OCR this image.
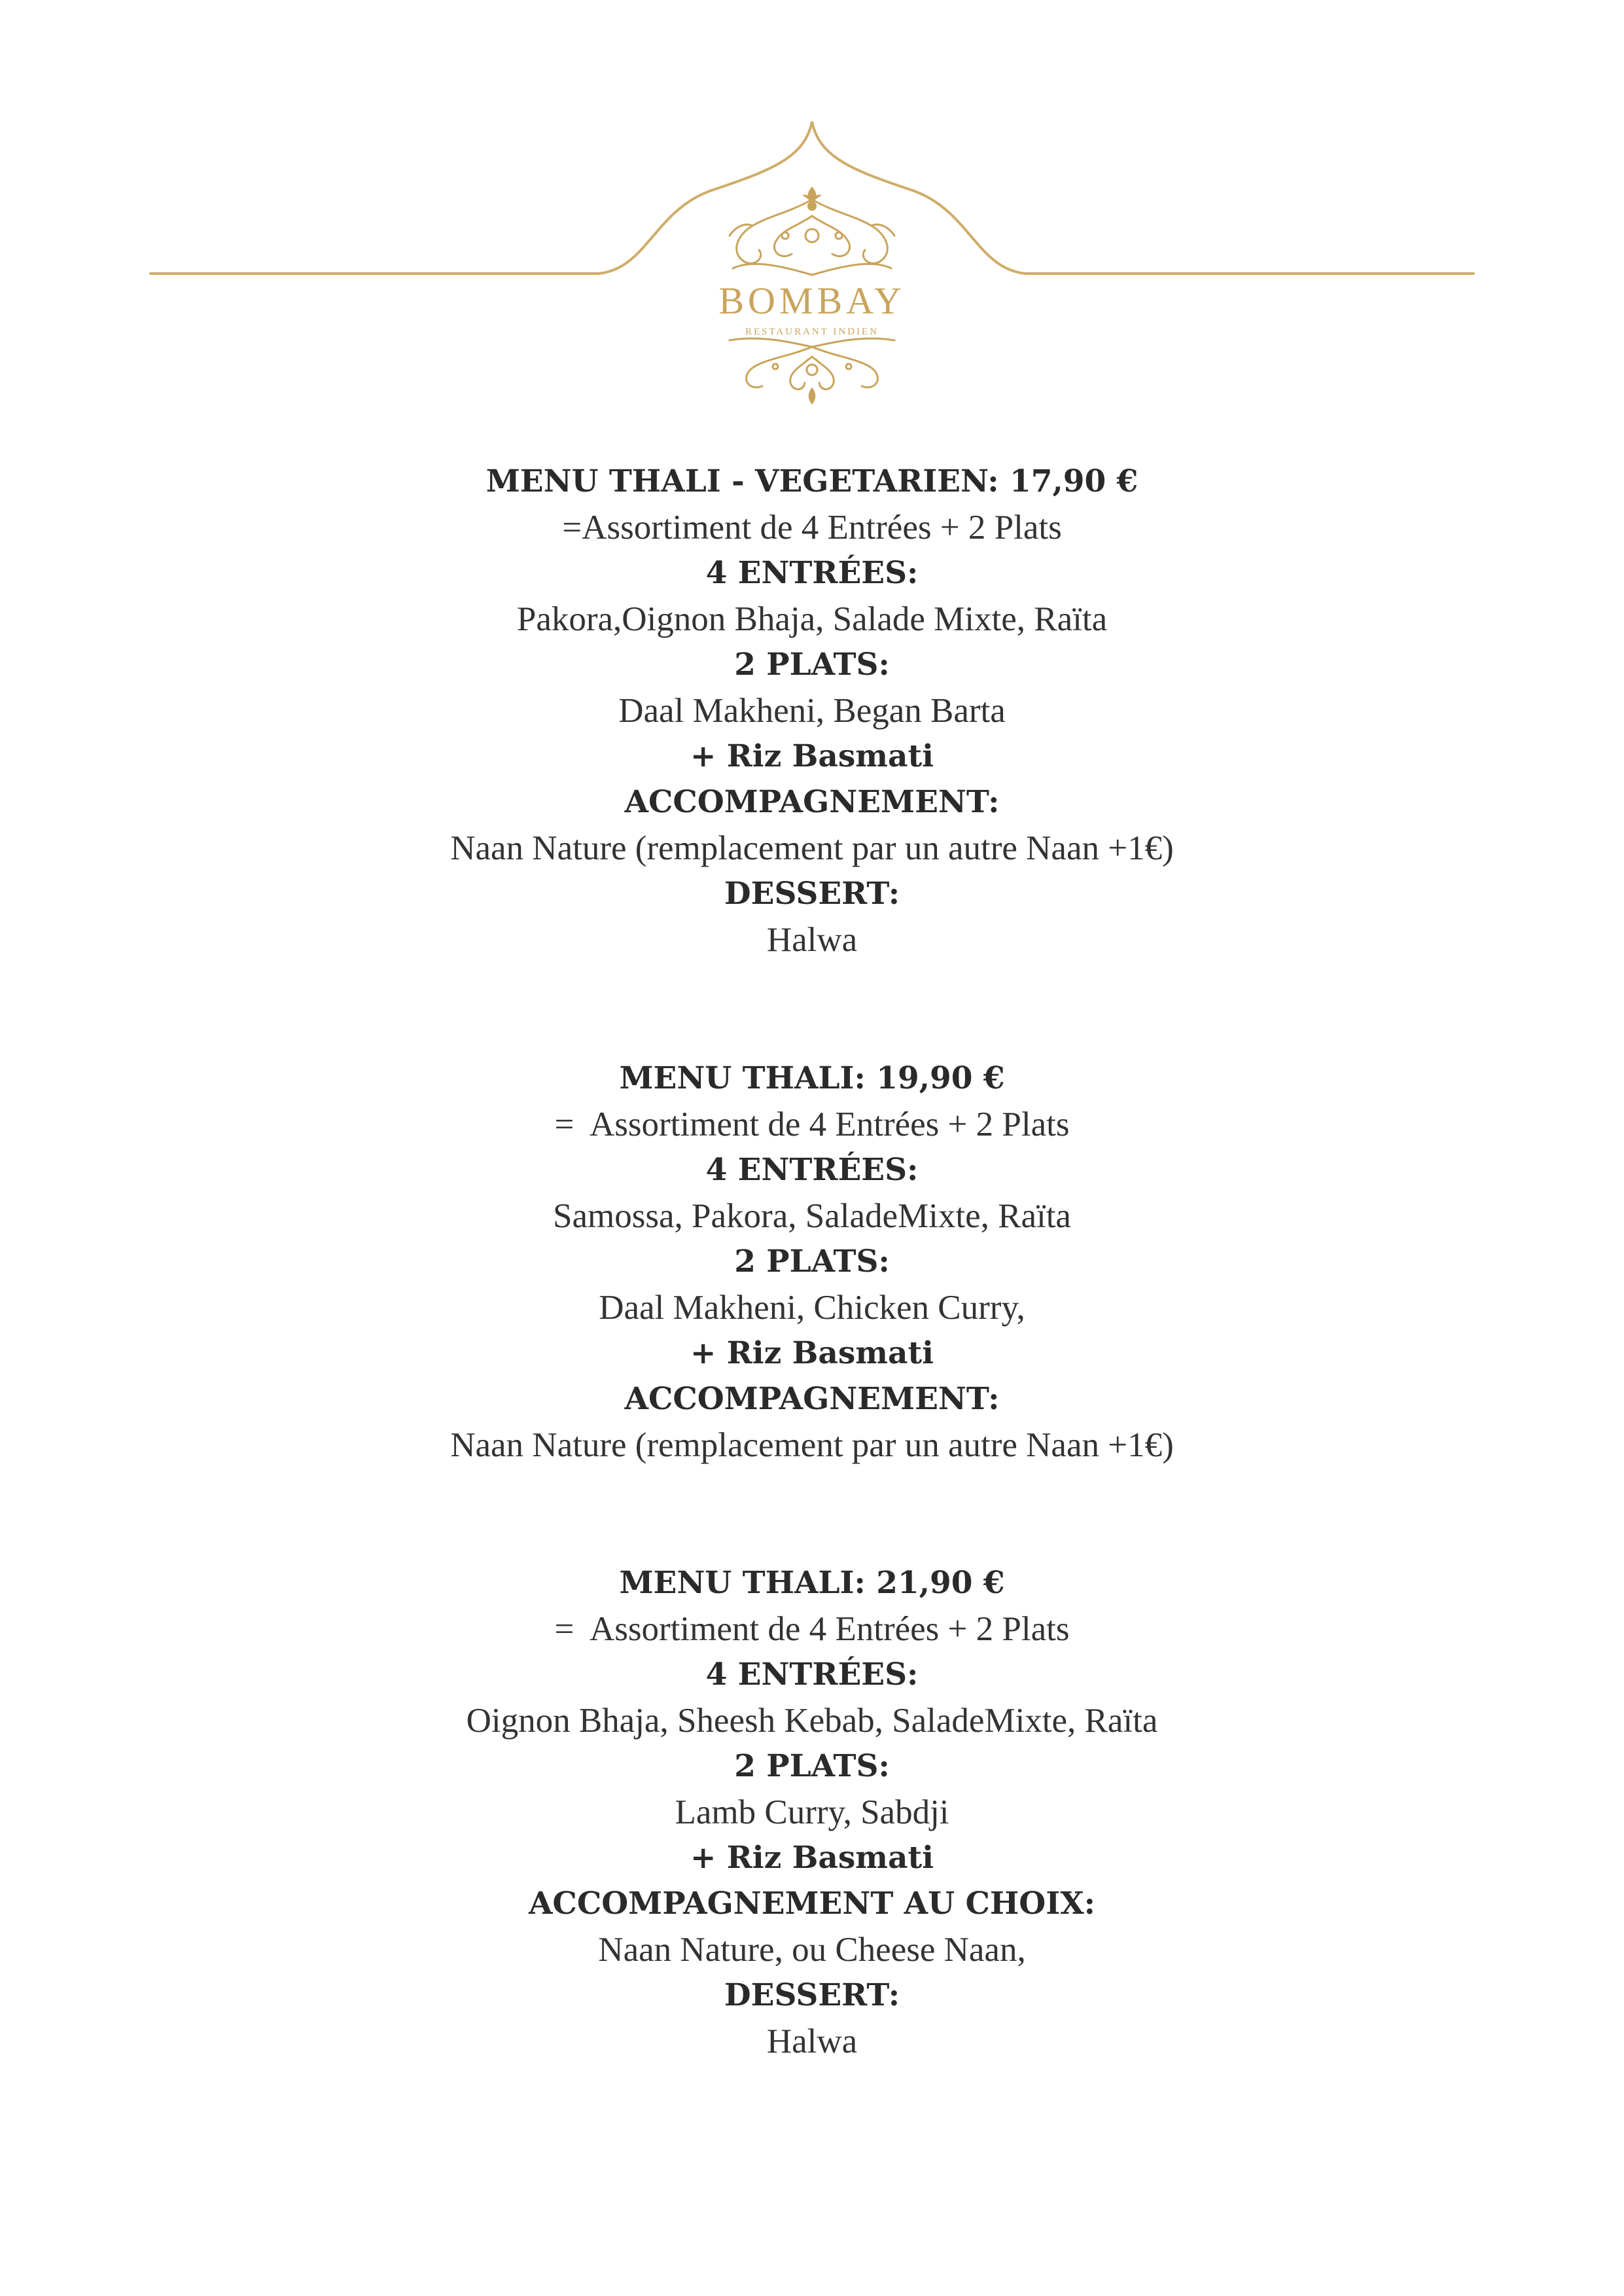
BOMBAY
RESTAURANT INDIEN
MENU THALI - VEGETARIEN: 17,90 €
=Assortiment de 4 Entrées + 2 Plats
4 ENTRÉES:
Pakora,Oignon Bhaja, Salade Mixte, Raïta
2 PLATS:
Daal Makheni, Began Barta
+ Riz Basmati
ACCOMPAGNEMENT:
Naan Nature (remplacement par un autre Naan +1€)
DESSERT:
Halwa
MENU THALI: 19,90 €
=  Assortiment de 4 Entrées + 2 Plats
4 ENTRÉES:
Samossa, Pakora, SaladeMixte, Raïta
2 PLATS:
Daal Makheni, Chicken Curry,
+ Riz Basmati
ACCOMPAGNEMENT:
Naan Nature (remplacement par un autre Naan +1€)
MENU THALI: 21,90 €
=  Assortiment de 4 Entrées + 2 Plats
4 ENTRÉES:
Oignon Bhaja, Sheesh Kebab, SaladeMixte, Raïta
2 PLATS:
Lamb Curry, Sabdji
+ Riz Basmati
ACCOMPAGNEMENT AU CHOIX:
Naan Nature, ou Cheese Naan,
DESSERT:
Halwa
